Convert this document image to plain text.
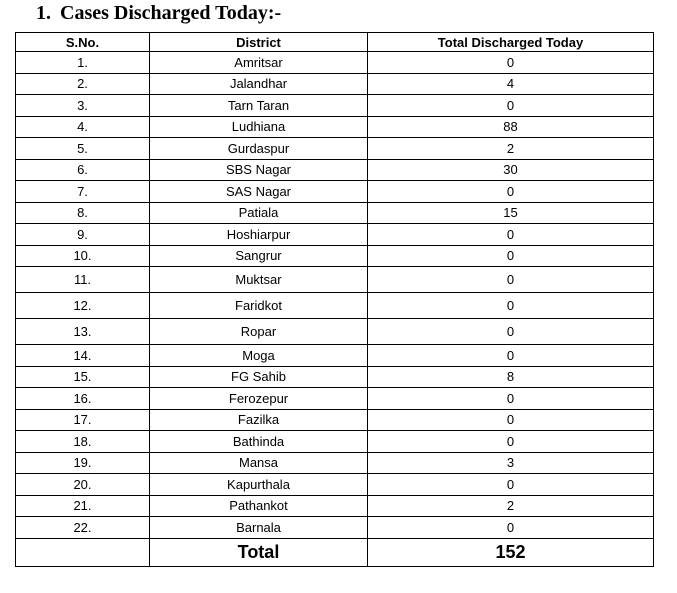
1. Cases Discharged Today:-
S.No.	District	Total Discharged Today
1.	Amritsar	0
2.	Jalandhar	4
3.	Tarn Taran	0
4.	Ludhiana	88
5.	Gurdaspur	2
6.	SBS Nagar	30
7.	SAS Nagar	0
8.	Patiala	15
9.	Hoshiarpur	0
10.	Sangrur	0
11.	Muktsar	0
12.	Faridkot	0
13.	Ropar	0
14.	Moga	0
15.	FG Sahib	8
16.	Ferozepur	0
17.	Fazilka	0
18.	Bathinda	0
19.	Mansa	3
20.	Kapurthala	0
21.	Pathankot	2
22.	Barnala	0
	Total	152
